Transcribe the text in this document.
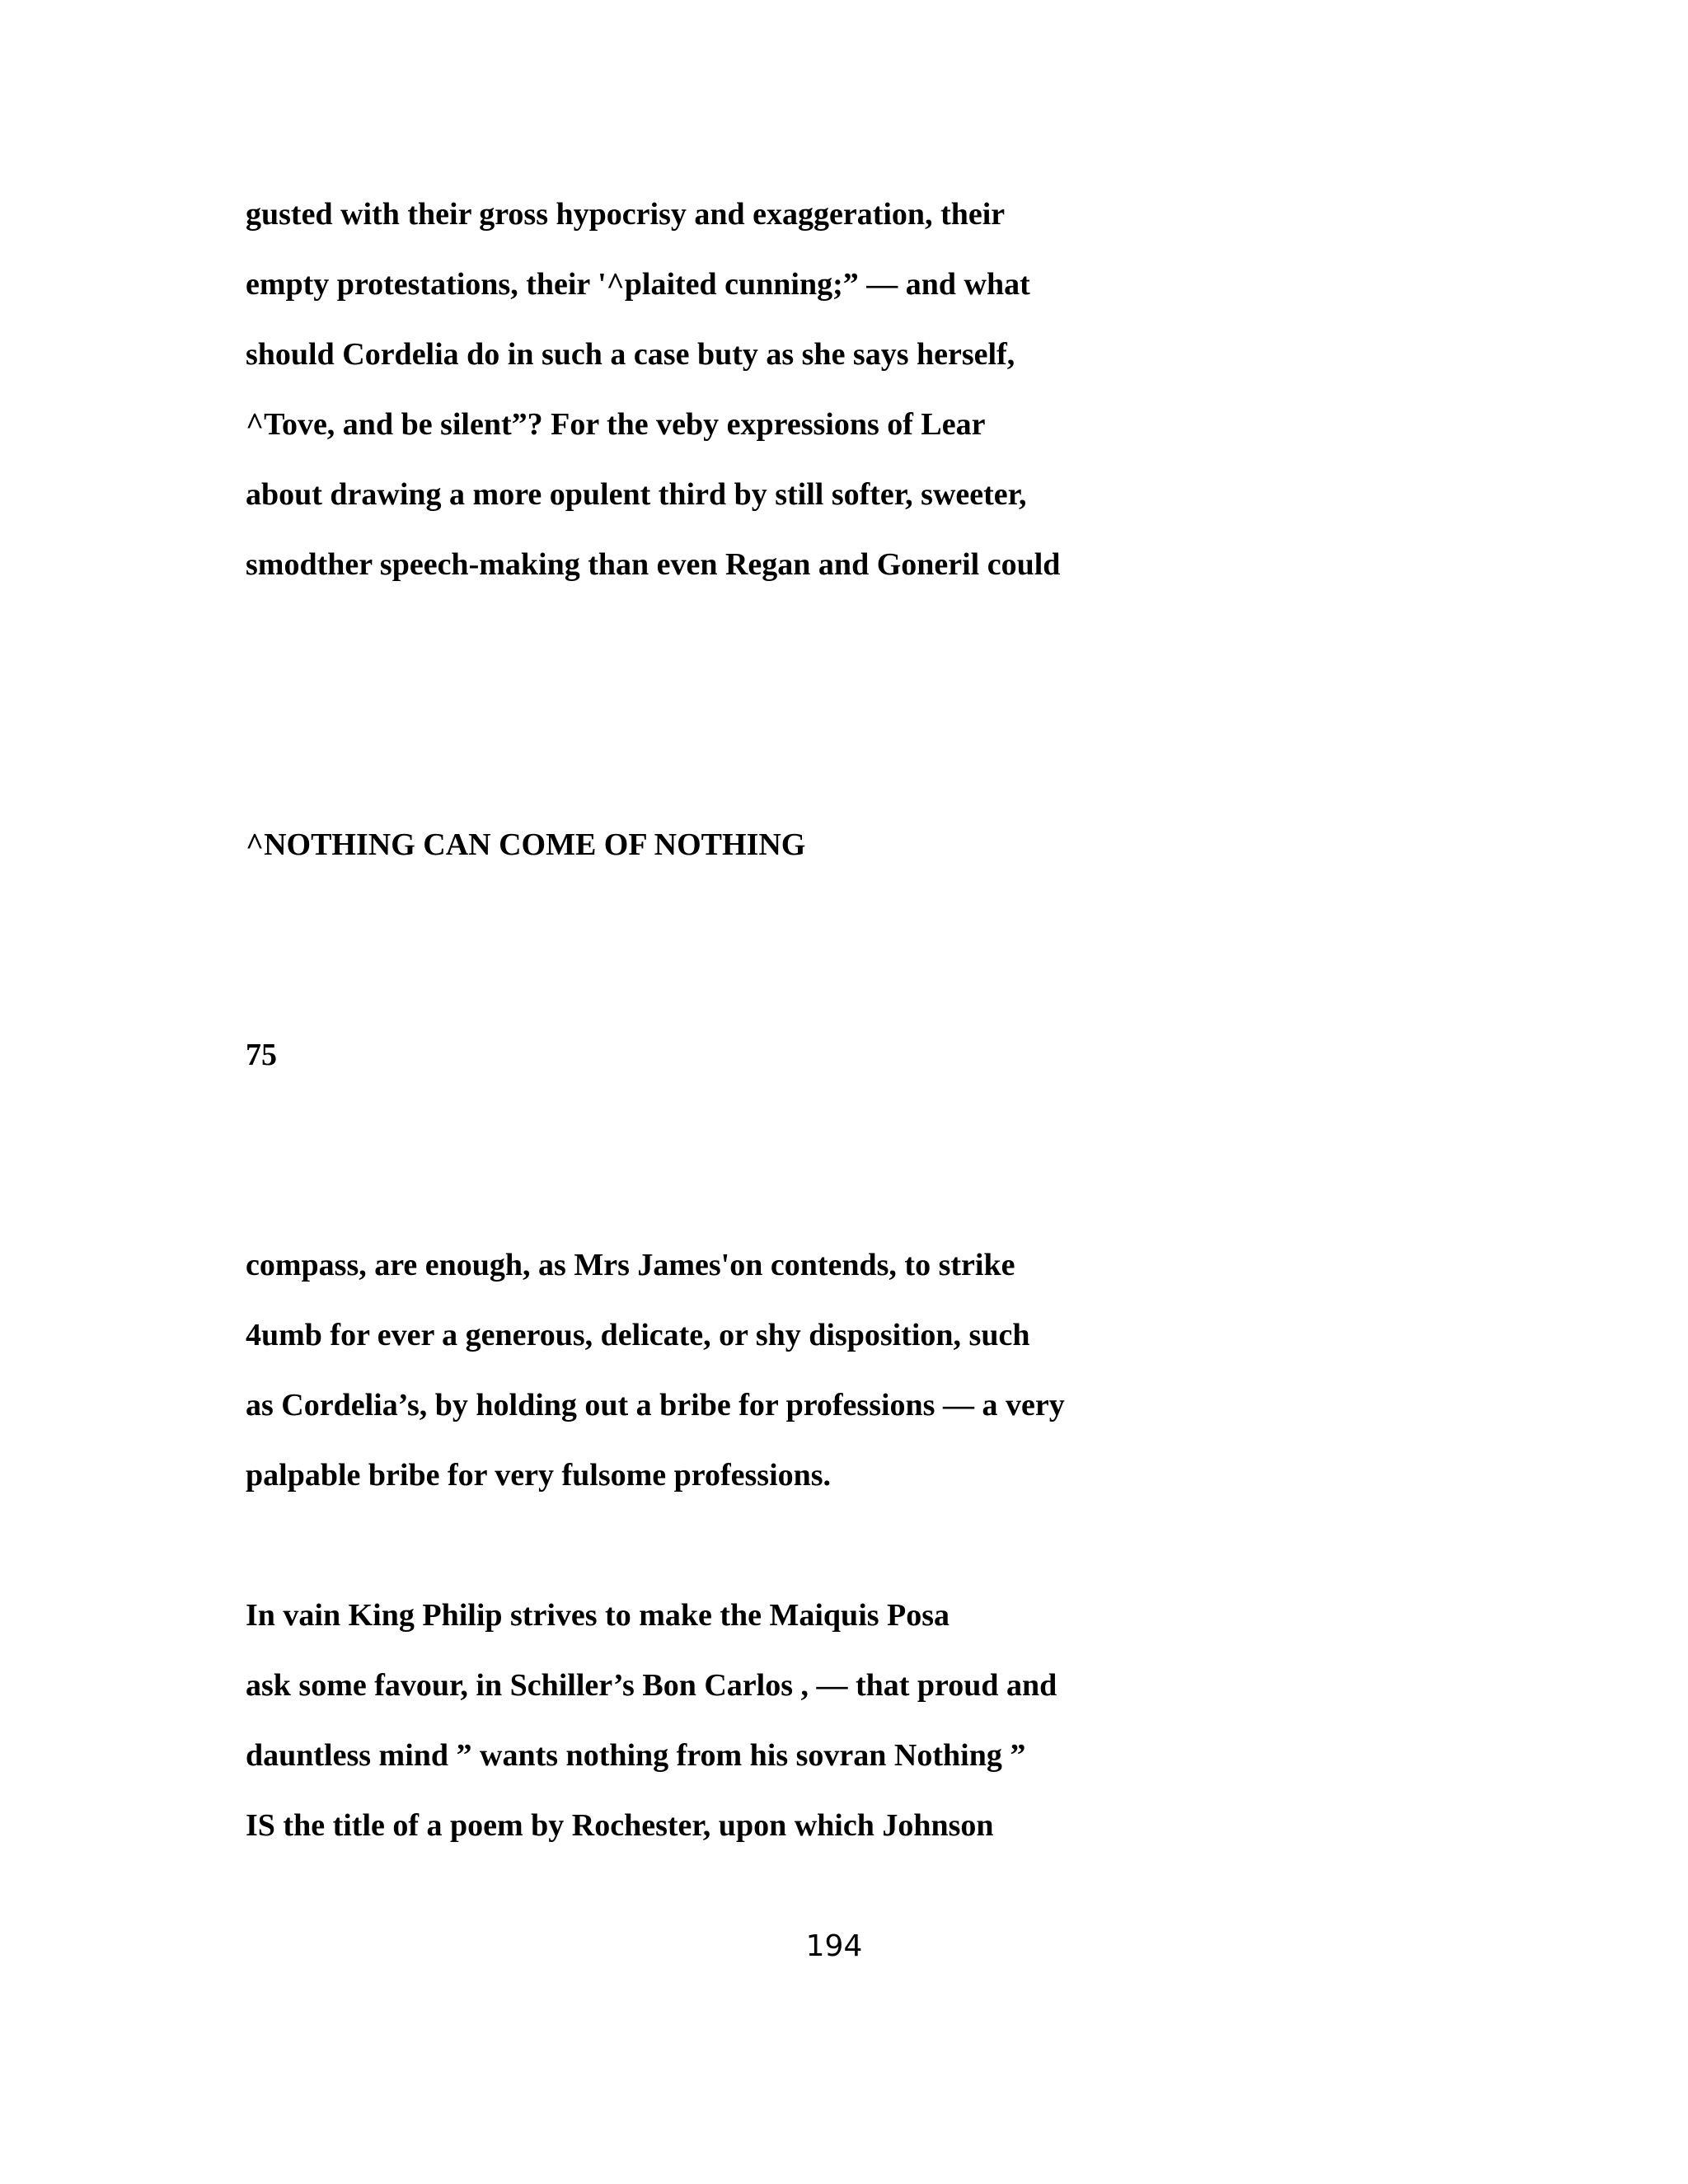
gusted with their gross hypocrisy and exaggeration, their

empty protestations, their '^plaited cunning;” — and what

should Cordelia do in such a case buty as she says herself,

^Tove, and be silent”? For the veby expressions of Lear

about drawing a more opulent third by still softer, sweeter,

smodther speech-making than even Regan and Goneril could

^NOTHING CAN COME OF NOTHING

75

compass, are enough, as Mrs James'on contends, to strike

4umb for ever a generous, delicate, or shy disposition, such

as Cordelia’s, by holding out a bribe for professions — a very

palpable bribe for very fulsome professions.

In vain King Philip strives to make the Maiquis Posa

ask some favour, in Schiller’s Bon Carlos , — that proud and

dauntless mind ” wants nothing from his sovran Nothing ”

IS the title of a poem by Rochester, upon which Johnson

194
